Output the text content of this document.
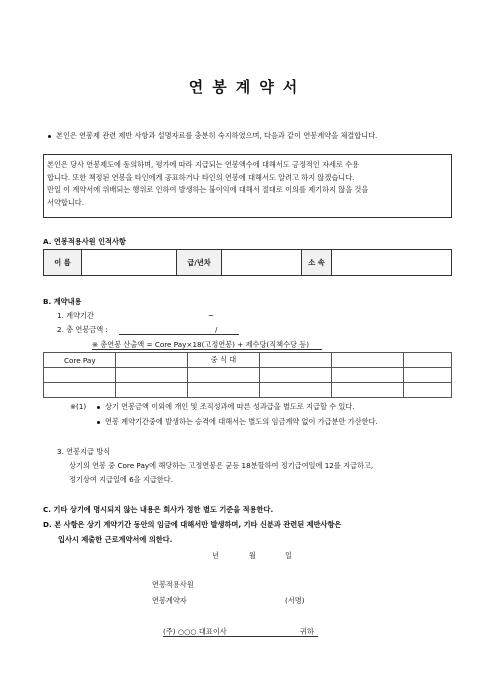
연봉계약서
본인은 연봉제 관련 제반 사항과 설명자료를 충분히 숙지하였으며, 다음과 같이 연봉계약을 체결합니다.
본인은 당사 연봉제도에 동의하며, 평가에 따라 지급되는 연봉액수에 대해서도 긍정적인 자세로 수용
합니다. 또한 책정된 연봉을 타인에게 공표하거나 타인의 연봉에 대해서도 알려고 하지 않겠습니다.
만일 이 계약서에 위배되는 행위로 인하여 발생하는 불이익에 대해서 절대로 이의를 제기하지 않을 것을
서약합니다.
A. 연봉적용사원 인적사항
이 름		급/년차		소 속	
B. 계약내용
1. 계약기간	~
2. 총 연봉금액 :	/
※ 총연봉 산출액 = Core Pay×18(고정연봉) + 제수당(직책수당 등)
Core Pay		중 식 대			

※(1)	상기 연봉금액 이외에 개인 및 조직성과에 따른 성과급을 별도로 지급할 수 있다.
연봉 계약기간중에 발생하는 승격에 대해서는 별도의 임금계약 없이 가급분만 가산한다.
3. 연봉지급 방식
상기의 연봉 중 Core Pay에 해당하는 고정연봉은 균등 18분할하여 정기급여일에 12를 지급하고,
정기상여 지급일에 6을 지급한다.
C. 기타 상기에 명시되지 않는 내용은 회사가 정한 별도 기준을 적용한다.
D. 본 사항은 상기 계약기간 동안의 임금에 대해서만 발생하며, 기타 신분과 관련된 제반사항은
입사시 제출한 근로계약서에 의한다.
년	월	일
연봉적용사원
연봉계약자	(서명)
(주) ○○○ 대표이사	귀하
